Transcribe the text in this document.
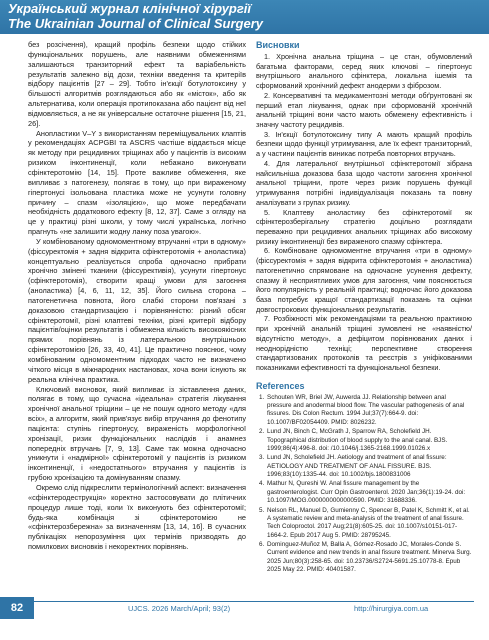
Український журнал клінічної хірургії
The Ukrainian Journal of Clinical Surgery

без розсічення), кращий профіль безпеки щодо стійких функціональних порушень, але наявними обмеженнями залишаються транзиторний ефект та варіабельність результатів залежно від дози, техніки введення та критеріїв відбору пацієнтів [27 – 29]. Тобто ін'єкції ботулотоксину у більшості алгоритмів розглядаються або як «місток», або як альтернатива, коли операція протипоказана або пацієнт від неї відмовляється, а не як універсальне остаточне рішення [15, 21, 26].

Анопластики V–Y з використанням переміщувальних клаптів у рекомендаціях ACPGBI та ASCRS частіше віддається місце як методу при рецидивних тріщинах або у пацієнтів із високим ризиком інконтиненції, коли небажано виконувати сфінктеротомію [14, 15]. Проте важливе обмеження, яке випливає з патогенезу, полягає в тому, що при вираженому гіпертонусі ізольована пластика може не усунути головну причину – спазм «ізоляцією», що може передбачати необхідність додаткового ефекту [8, 12, 37]. Саме з огляду на це у практиці різні школи, у тому числі українська, логічно прагнуть «не залишити жодну ланку поза увагою».

У комбінованому одномоментному втручанні «три в одному» (фіссуректомія + задня відкрита сфінктеротомія + аноластика) концептуально реалізується спроба одночасно прибрати хронічно змінені тканини (фіссурективія), усунути гіпертонус (сфінктеротомія), створити кращі умови для загоєння (аноластика) [4, 6, 11, 12, 35]. Його сильна сторона – патогенетична повнота, його слабкі сторони пов'язані з доказовою стандартизацією і порівнянністю: різний обсяг сфінктеротомії, різні клаптеві техніки, різні критерії відбору пацієнтів/оцінки результатів і обмежена кількість високоякісних прямих порівнянь із латеральною внутрішньою сфінктеротомією [26, 33, 40, 41]. Це практично пояснює, чому комбінованим одномоментним підходах часто не визначено чіткого місця в міжнародних настановах, хоча вони існують як реальна клінічна практика.

Ключовий висновок, який випливає із зіставлення даних, полягає в тому, що сучасна «ідеальна» стратегія лікування хронічної анальної тріщини – це не пошук одного методу «для всіх», а алгоритм, який прив'язує вибір втручання до фенотипу пацієнта: ступінь гіпертонусу, вираженість морфологічної хронізації, ризик функціональних наслідків і анамнез попередніх втручань [7, 9, 13]. Саме так можна одночасно уникнути і «надмірної» сфінктеротомії у пацієнтів із ризиком інконтиненції, і «недостатнього» втручання у пацієнтів із грубою хронізацією та домінуванням спазму.

Окремо слід підкреслити термінологічний аспект: визначення «сфінктеродеструкція» коректно застосовувати до плітичних процедур лише тоді, коли їх виконують без сфінктеротомії; будь-яка комбінація зі сфінктеротомією не «сфінктерозбережна» за визначенням [13, 14, 16]. В сучасних публікаціях непорозуміння цих термінів призводять до помилкових висновків і некоректних порівнянь.

Висновки

1. Хронічна анальна тріщина – це стан, обумовлений багатьма факторами, серед яких ключові – гіпертонус внутрішнього анального сфінктера, локальна ішемія та сформований хронічний дефект анодерми з фіброзом.

2. Консервативні та медикаментозні методи обґрунтовані як перший етап лікування, однак при сформованій хронічній анальній тріщині вони часто мають обмежену ефективність і значну частоту рецидивів.

3. Ін'єкції ботулотоксину типу А мають кращий профіль безпеки щодо функції утримування, але їх ефект транзиторний, а у частини пацієнтів виникає потреба повторних втручань.

4. Для латеральної внутрішньої сфінктеротомії зібрана найсильніша доказова база щодо частоти загоєння хронічної анальної тріщини, проте через ризик порушень функції утримування потрібні індивідуалізація показань та повну аналізувати з групах ризику.

5. Клаптеву аноластику без сфінктеротомії як сфінктерозберігальну стратегію доцільно розглядати переважно при рецидивних анальних тріщинах або високому ризику інконтиненції без вираженого спазму сфінктера.

6. Комбіноване одномоментне втручання «три в одному» (фіссуректомія + задня відкрита сфінктеротомія + аноластика) патогенетично спрямоване на одночасне усунення дефекту, спазму й несприятливих умов для загоєння, чим пояснюється його популярність у реальній практиці; водночас його доказова база потребує кращої стандартизації показань та оцінки довгострокових функціональних результатів.

7. Розбіжності між рекомендаціями та реальною практикою при хронічній анальній тріщині зумовлені не «наявністю/відсутністю методу», а дефіцитом порівнюваних даних і неоднорідністю техніці; перспективне створення стандартизованих протоколів та реєстрів з уніфікованими показниками ефективності та функціональної безпеки.

References
1. Schouten WR, Briel JW, Auwerda JJ. Relationship between anal pressure and anodermal blood flow. The vascular pathogenesis of anal fissures. Dis Colon Rectum. 1994 Jul;37(7):664-9. doi: 10.1007/BF02054409. PMID: 8026232.
2. Lund JN, Binch C, McGrath J, Sparrow RA, Scholefield JH. Topographical distribution of blood supply to the anal canal. BJS. 1999;86(4):496-8. doi: /10.1046/j.1365-2168.1999.01026.x
3. Lund JN, Scholefield JH. Aetiology and treatment of anal fissure: AETIOLOGY AND TREATMENT OF ANAL FISSURE. BJS. 1996;83(10):1335-44. doi: 10.1002/bjs.1800831006
4. Mathur N, Qureshi W. Anal fissure management by the gastroenterologist. Curr Opin Gastroenterol. 2020 Jan;36(1):19-24. doi: 10.1097/MOG.0000000000000590. PMID: 31688336.
5. Nelson RL, Manuel D, Gumienny C, Spencer B, Patel K, Schmitt K, et al. A systematic review and meta-analysis of the treatment of anal fissure. Tech Coloproctol. 2017 Aug;21(8):605-25. doi: 10.1007/s10151-017-1664-2. Epub 2017 Aug 5. PMID: 28795245.
6. Dominguez-Muñoz M, Balla A, Gómez-Rosado JC, Morales-Conde S. Current evidence and new trends in anal fissure treatment. Minerva Surg. 2025 Jun;80(3):258-65. doi: 10.23736/S2724-5691.25.10778-8. Epub 2025 May 22. PMID: 40401587.
82	UJCS. 2026 March/April; 93(2)	http://hirurgiya.com.ua
